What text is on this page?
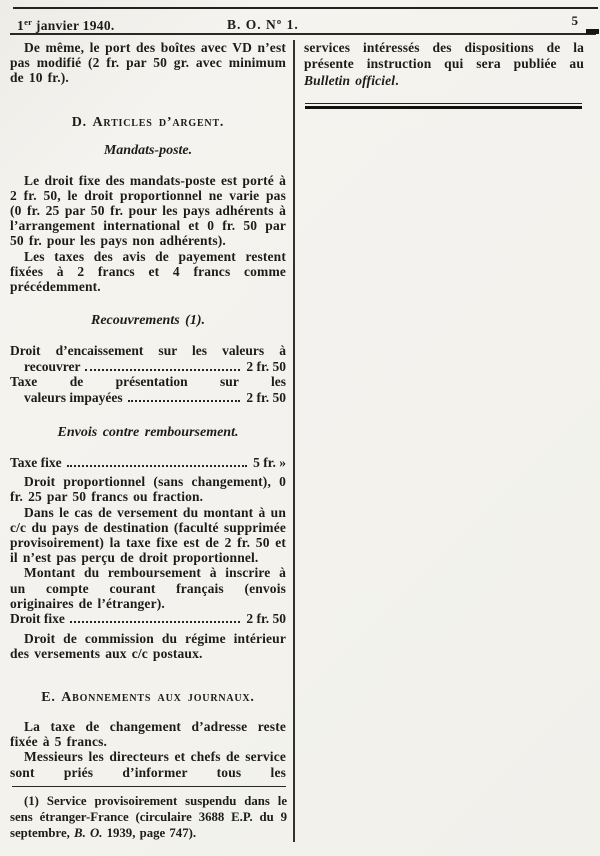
1er janvier 1940.	B. O. Nº 1.	5

De même, le port des boîtes avec VD n’est pas modifié (2 fr. par 50 gr. avec minimum de 10 fr.).

D. Articles d’argent.

Mandats-poste.

Le droit fixe des mandats-poste est porté à 2 fr. 50, le droit proportionnel ne varie pas (0 fr. 25 par 50 fr. pour les pays adhérents à l’arrangement international et 0 fr. 50 par 50 fr. pour les pays non adhérents).

Les taxes des avis de payement restent fixées à 2 francs et 4 francs comme précédemment.

Recouvrements (1).

Droit d’encaissement sur les valeurs à
recouvrer	2 fr. 50
Taxe de présentation sur les
valeurs impayées	2 fr. 50

Envois contre remboursement.

Taxe fixe	5 fr. »

Droit proportionnel (sans changement), 0 fr. 25 par 50 francs ou fraction.

Dans le cas de versement du montant à un c/c du pays de destination (faculté supprimée provisoirement) la taxe fixe est de 2 fr. 50 et il n’est pas perçu de droit proportionnel.

Montant du remboursement à inscrire à un compte courant français (envois originaires de l’étranger).

Droit fixe	2 fr. 50

Droit de commission du régime intérieur des versements aux c/c postaux.

E. Abonnements aux journaux.

La taxe de changement d’adresse reste fixée à 5 francs.

Messieurs les directeurs et chefs de service sont priés d’informer tous les

services intéressés des dispositions de la présente instruction qui sera publiée au Bulletin officiel.

(1) Service provisoirement suspendu dans le sens étranger-France (circulaire 3688 E.P. du 9 septembre, B. O. 1939, page 747).
